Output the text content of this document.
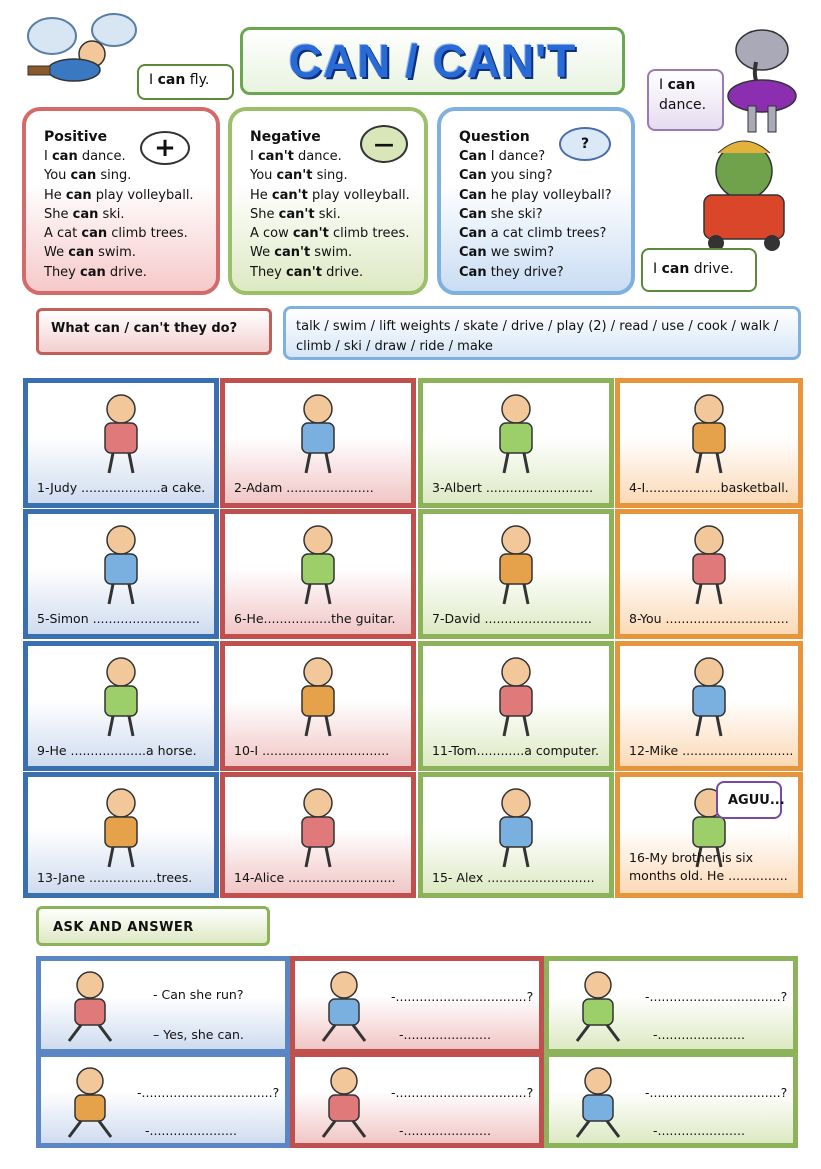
CAN / CAN'T
I can fly.	I can
dance.
I can drive.
Positive	+
I can dance.
You can sing.
He can play volleyball.
She can ski.
A cat can climb trees.
We can swim.
They can drive.
Negative	—
I can't dance.
You can't sing.
He can't play volleyball.
She can't ski.
A cow can't climb trees.
We can't swim.
They can't drive.
Question	?
Can I dance?
Can you sing?
Can he play volleyball?
Can she ski?
Can a cat climb trees?
Can we swim?
Can they drive?
What can / can't they do?	talk / swim / lift weights / skate / drive / play (2) / read / use / cook / walk / climb / ski / draw / ride / make
1-Judy ....................a cake. 2-Adam ......................	3-Albert ...........................	4-I...................basketball.
5-Simon ...........................	6-He.................the guitar.	7-David ...........................	8-You ...............................
9-He ...................a horse.	10-I ................................	11-Tom............a computer. 12-Mike ............................
13-Jane .................trees.	14-Alice ...........................	15- Alex ...........................
AGUU...
16-My brother is six
months old. He ...............
ASK AND ANSWER
- Can she run?
– Yes, she can.
-.................................?
-......................
-.................................?
-......................
-.................................?
-......................
-.................................?
-......................
-.................................?
-......................
